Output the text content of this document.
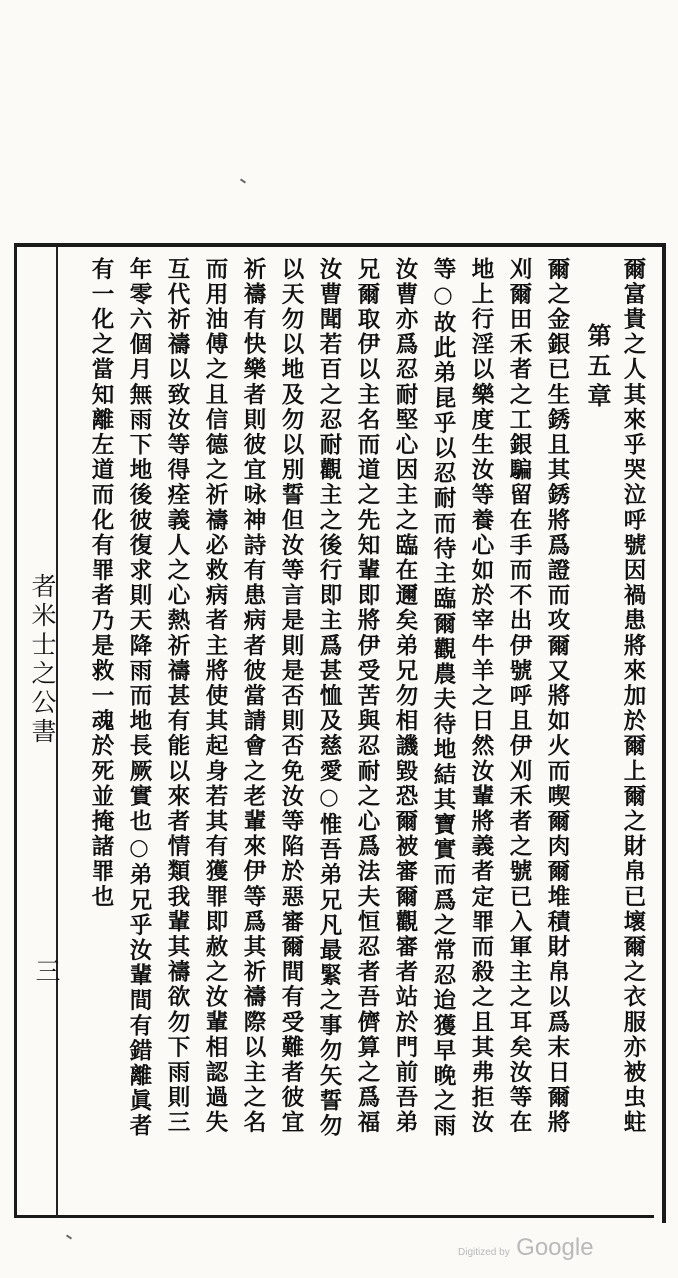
爾富貴之人其來乎哭泣呼號因禍患將來加於爾上爾之財帛已壞爾之衣服亦被虫蛀
第五章
爾之金銀已生銹且其銹將爲證而攻爾又將如火而喫爾肉爾堆積財帛以爲末日爾將
刈爾田禾者之工銀騙留在手而不出伊號呼且伊刈禾者之號已入軍主之耳矣汝等在
地上行淫以樂度生汝等養心如於宰牛羊之日然汝輩將義者定罪而殺之且其弗拒汝
等○故此弟昆乎以忍耐而待主臨爾觀農夫待地結其寶實而爲之常忍迨獲早晚之雨
汝曹亦爲忍耐堅心因主之臨在邇矣弟兄勿相譏毀恐爾被審爾觀審者站於門前吾弟
兄爾取伊以主名而道之先知輩即將伊受苦與忍耐之心爲法夫恒忍者吾儕算之爲福
汝曹聞若百之忍耐觀主之後行即主爲甚恤及慈愛○惟吾弟兄凡最緊之事勿矢誓勿
以天勿以地及勿以別誓但汝等言是則是否則否免汝等陷於惡審爾間有受難者彼宜
祈禱有快樂者則彼宜咏神詩有患病者彼當請會之老輩來伊等爲其祈禱際以主之名
而用油傅之且信德之祈禱必救病者主將使其起身若其有獲罪即赦之汝輩相認過失
互代祈禱以致汝等得痊義人之心熱祈禱甚有能以來者情類我輩其禱欲勿下雨則三
年零六個月無雨下地後彼復求則天降雨而地長厥實也○弟兄乎汝輩間有錯離眞者
有一化之當知離左道而化有罪者乃是救一魂於死並掩諸罪也
者米士之公書
三
Digitized by Google
